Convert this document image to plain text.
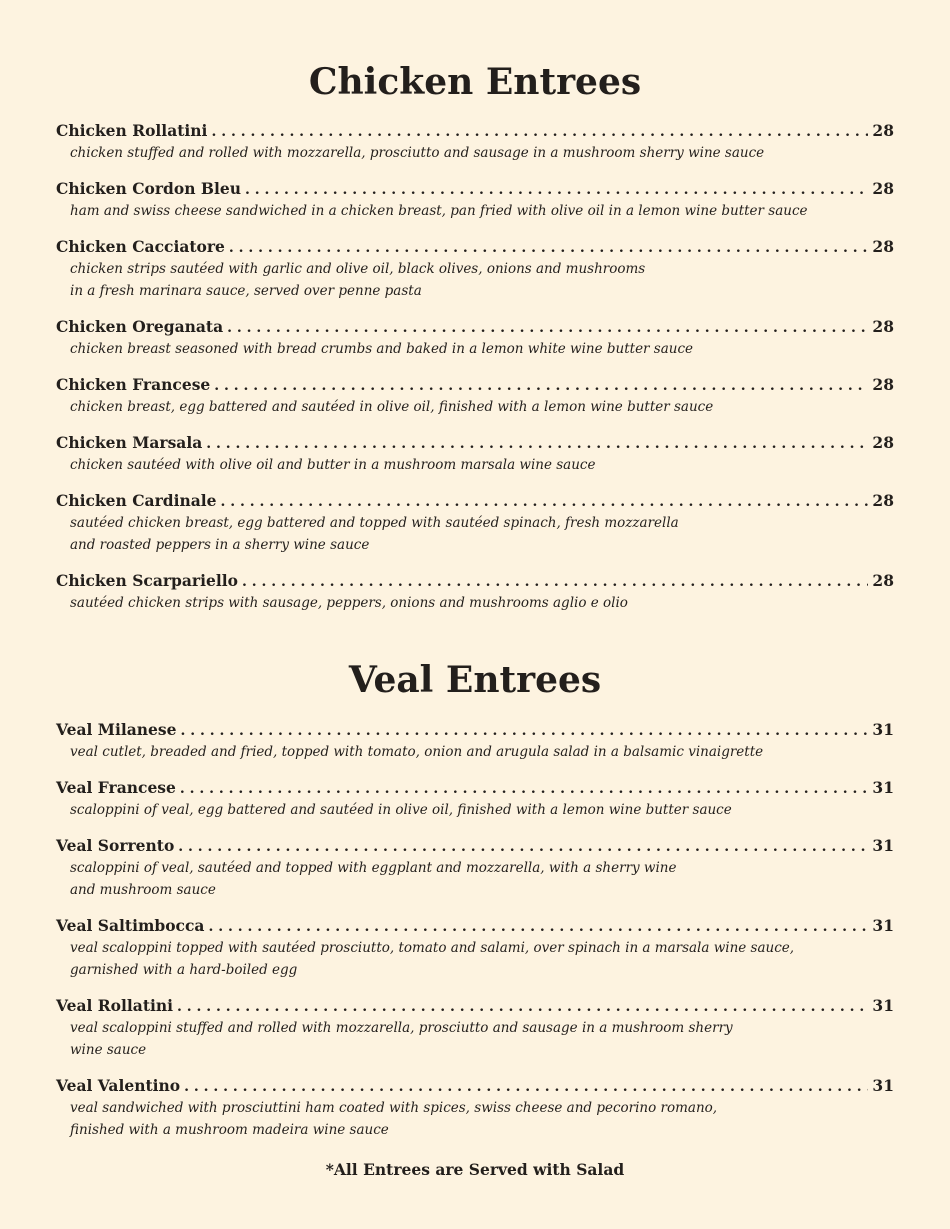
Chicken Entrees
Chicken Rollatini . . .	28
chicken stuffed and rolled with mozzarella, prosciutto and sausage in a mushroom sherry wine sauce
Chicken Cordon Bleu . . .	28
ham and swiss cheese sandwiched in a chicken breast, pan fried with olive oil in a lemon wine butter sauce
Chicken Cacciatore . . .	28
chicken strips sautéed with garlic and olive oil, black olives, onions and mushrooms
in a fresh marinara sauce, served over penne pasta
Chicken Oreganata . . .	28
chicken breast seasoned with bread crumbs and baked in a lemon white wine butter sauce
Chicken Francese . . .	28
chicken breast, egg battered and sautéed in olive oil, finished with a lemon wine butter sauce
Chicken Marsala . . .	28
chicken sautéed with olive oil and butter in a mushroom marsala wine sauce
Chicken Cardinale . . .	28
sautéed chicken breast, egg battered and topped with sautéed spinach, fresh mozzarella
and roasted peppers in a sherry wine sauce
Chicken Scarpariello . . .	28
sautéed chicken strips with sausage, peppers, onions and mushrooms aglio e olio
Veal Entrees
Veal Milanese . . .	31
veal cutlet, breaded and fried, topped with tomato, onion and arugula salad in a balsamic vinaigrette
Veal Francese . . .	31
scaloppini of veal, egg battered and sautéed in olive oil, finished with a lemon wine butter sauce
Veal Sorrento . . .	31
scaloppini of veal, sautéed and topped with eggplant and mozzarella, with a sherry wine
and mushroom sauce
Veal Saltimbocca . . .	31
veal scaloppini topped with sautéed prosciutto, tomato and salami, over spinach in a marsala wine sauce,
garnished with a hard-boiled egg
Veal Rollatini . . .	31
veal scaloppini stuffed and rolled with mozzarella, prosciutto and sausage in a mushroom sherry
wine sauce
Veal Valentino . . .	31
veal sandwiched with prosciuttini ham coated with spices, swiss cheese and pecorino romano,
finished with a mushroom madeira wine sauce
*All Entrees are Served with Salad
